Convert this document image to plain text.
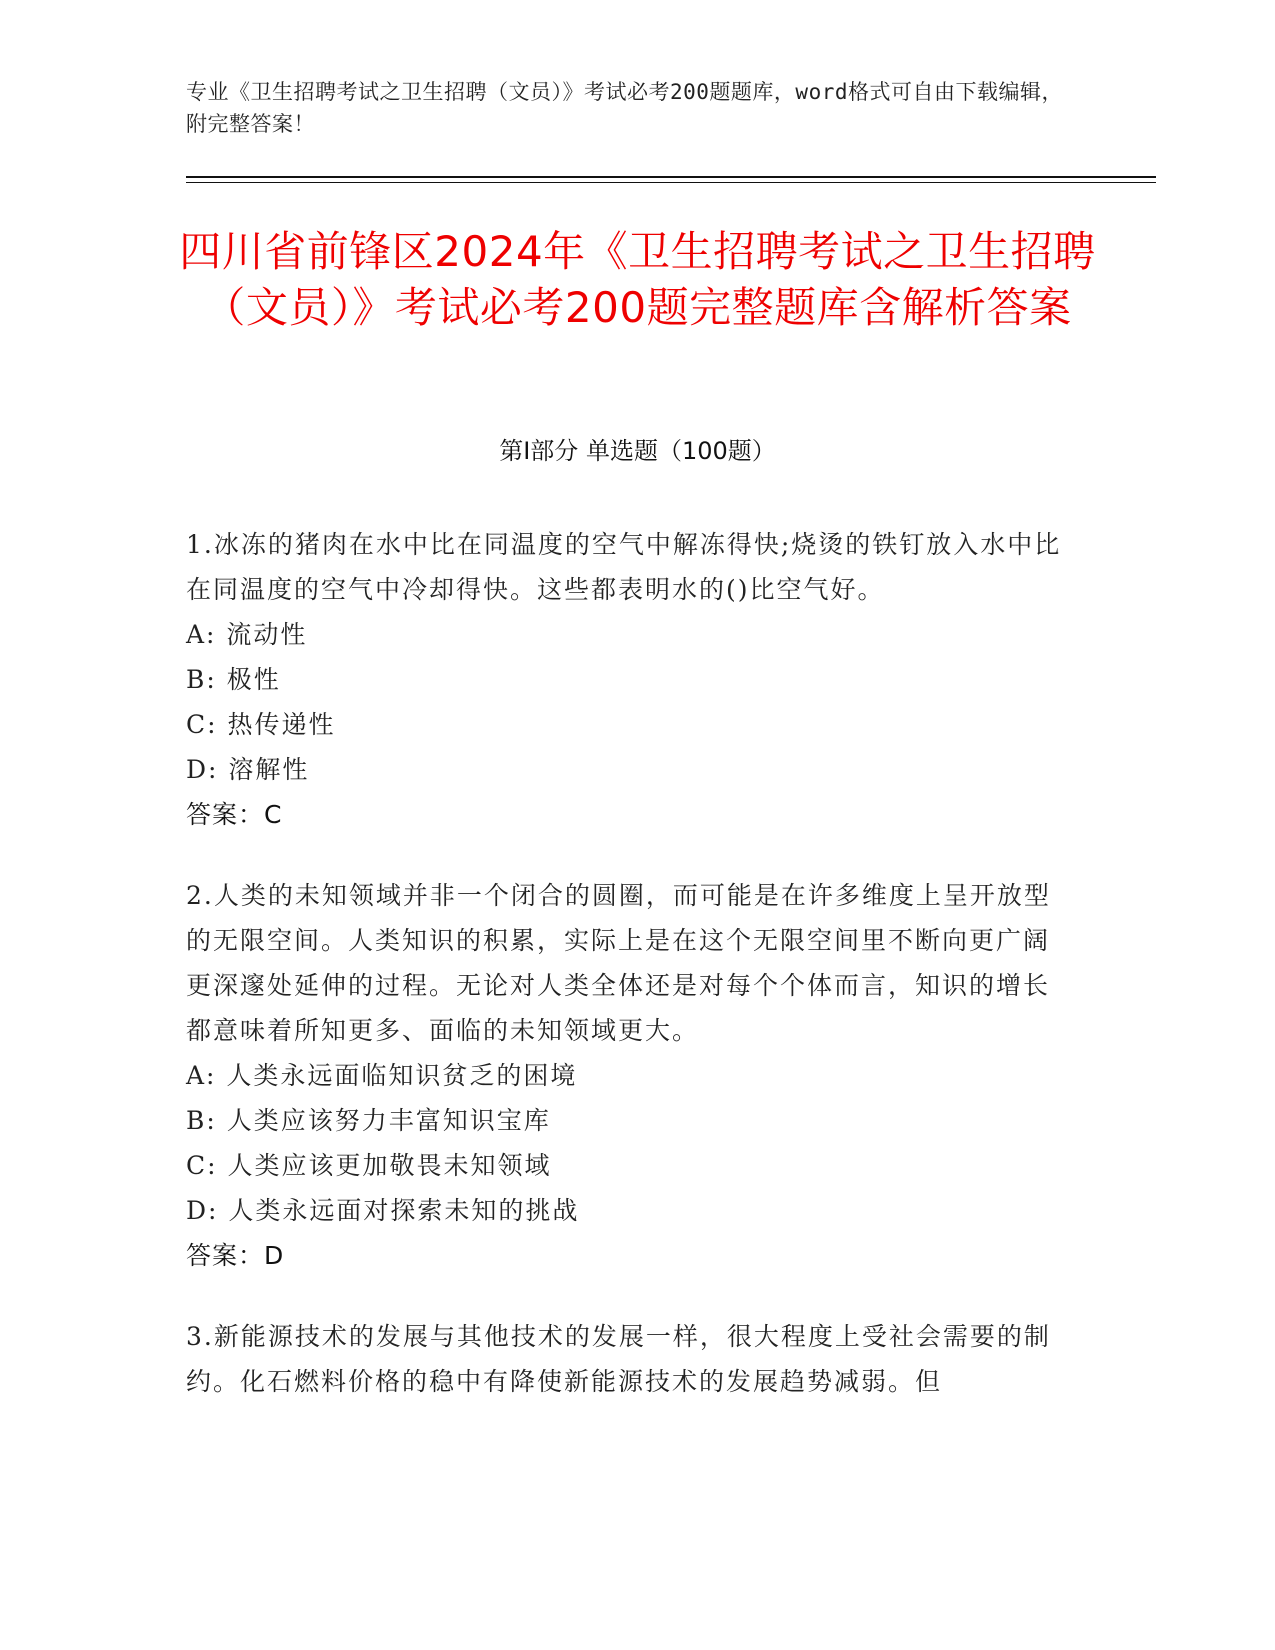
专业《卫生招聘考试之卫生招聘（文员）》考试必考200题题库，word格式可自由下载编辑，附完整答案！
四川省前锋区2024年《卫生招聘考试之卫生招聘（文员）》考试必考200题完整题库含解析答案
第I部分 单选题（100题）

1.冰冻的猪肉在水中比在同温度的空气中解冻得快;烧烫的铁钉放入水中比在同温度的空气中冷却得快。这些都表明水的()比空气好。

A: 流动性

B: 极性

C: 热传递性

D: 溶解性

答案：C

2.人类的未知领域并非一个闭合的圆圈，而可能是在许多维度上呈开放型的无限空间。人类知识的积累，实际上是在这个无限空间里不断向更广阔更深邃处延伸的过程。无论对人类全体还是对每个个体而言，知识的增长都意味着所知更多、面临的未知领域更大。

A: 人类永远面临知识贫乏的困境

B: 人类应该努力丰富知识宝库

C: 人类应该更加敬畏未知领域

D: 人类永远面对探索未知的挑战

答案：D

3.新能源技术的发展与其他技术的发展一样，很大程度上受社会需要的制约。化石燃料价格的稳中有降使新能源技术的发展趋势减弱。但
